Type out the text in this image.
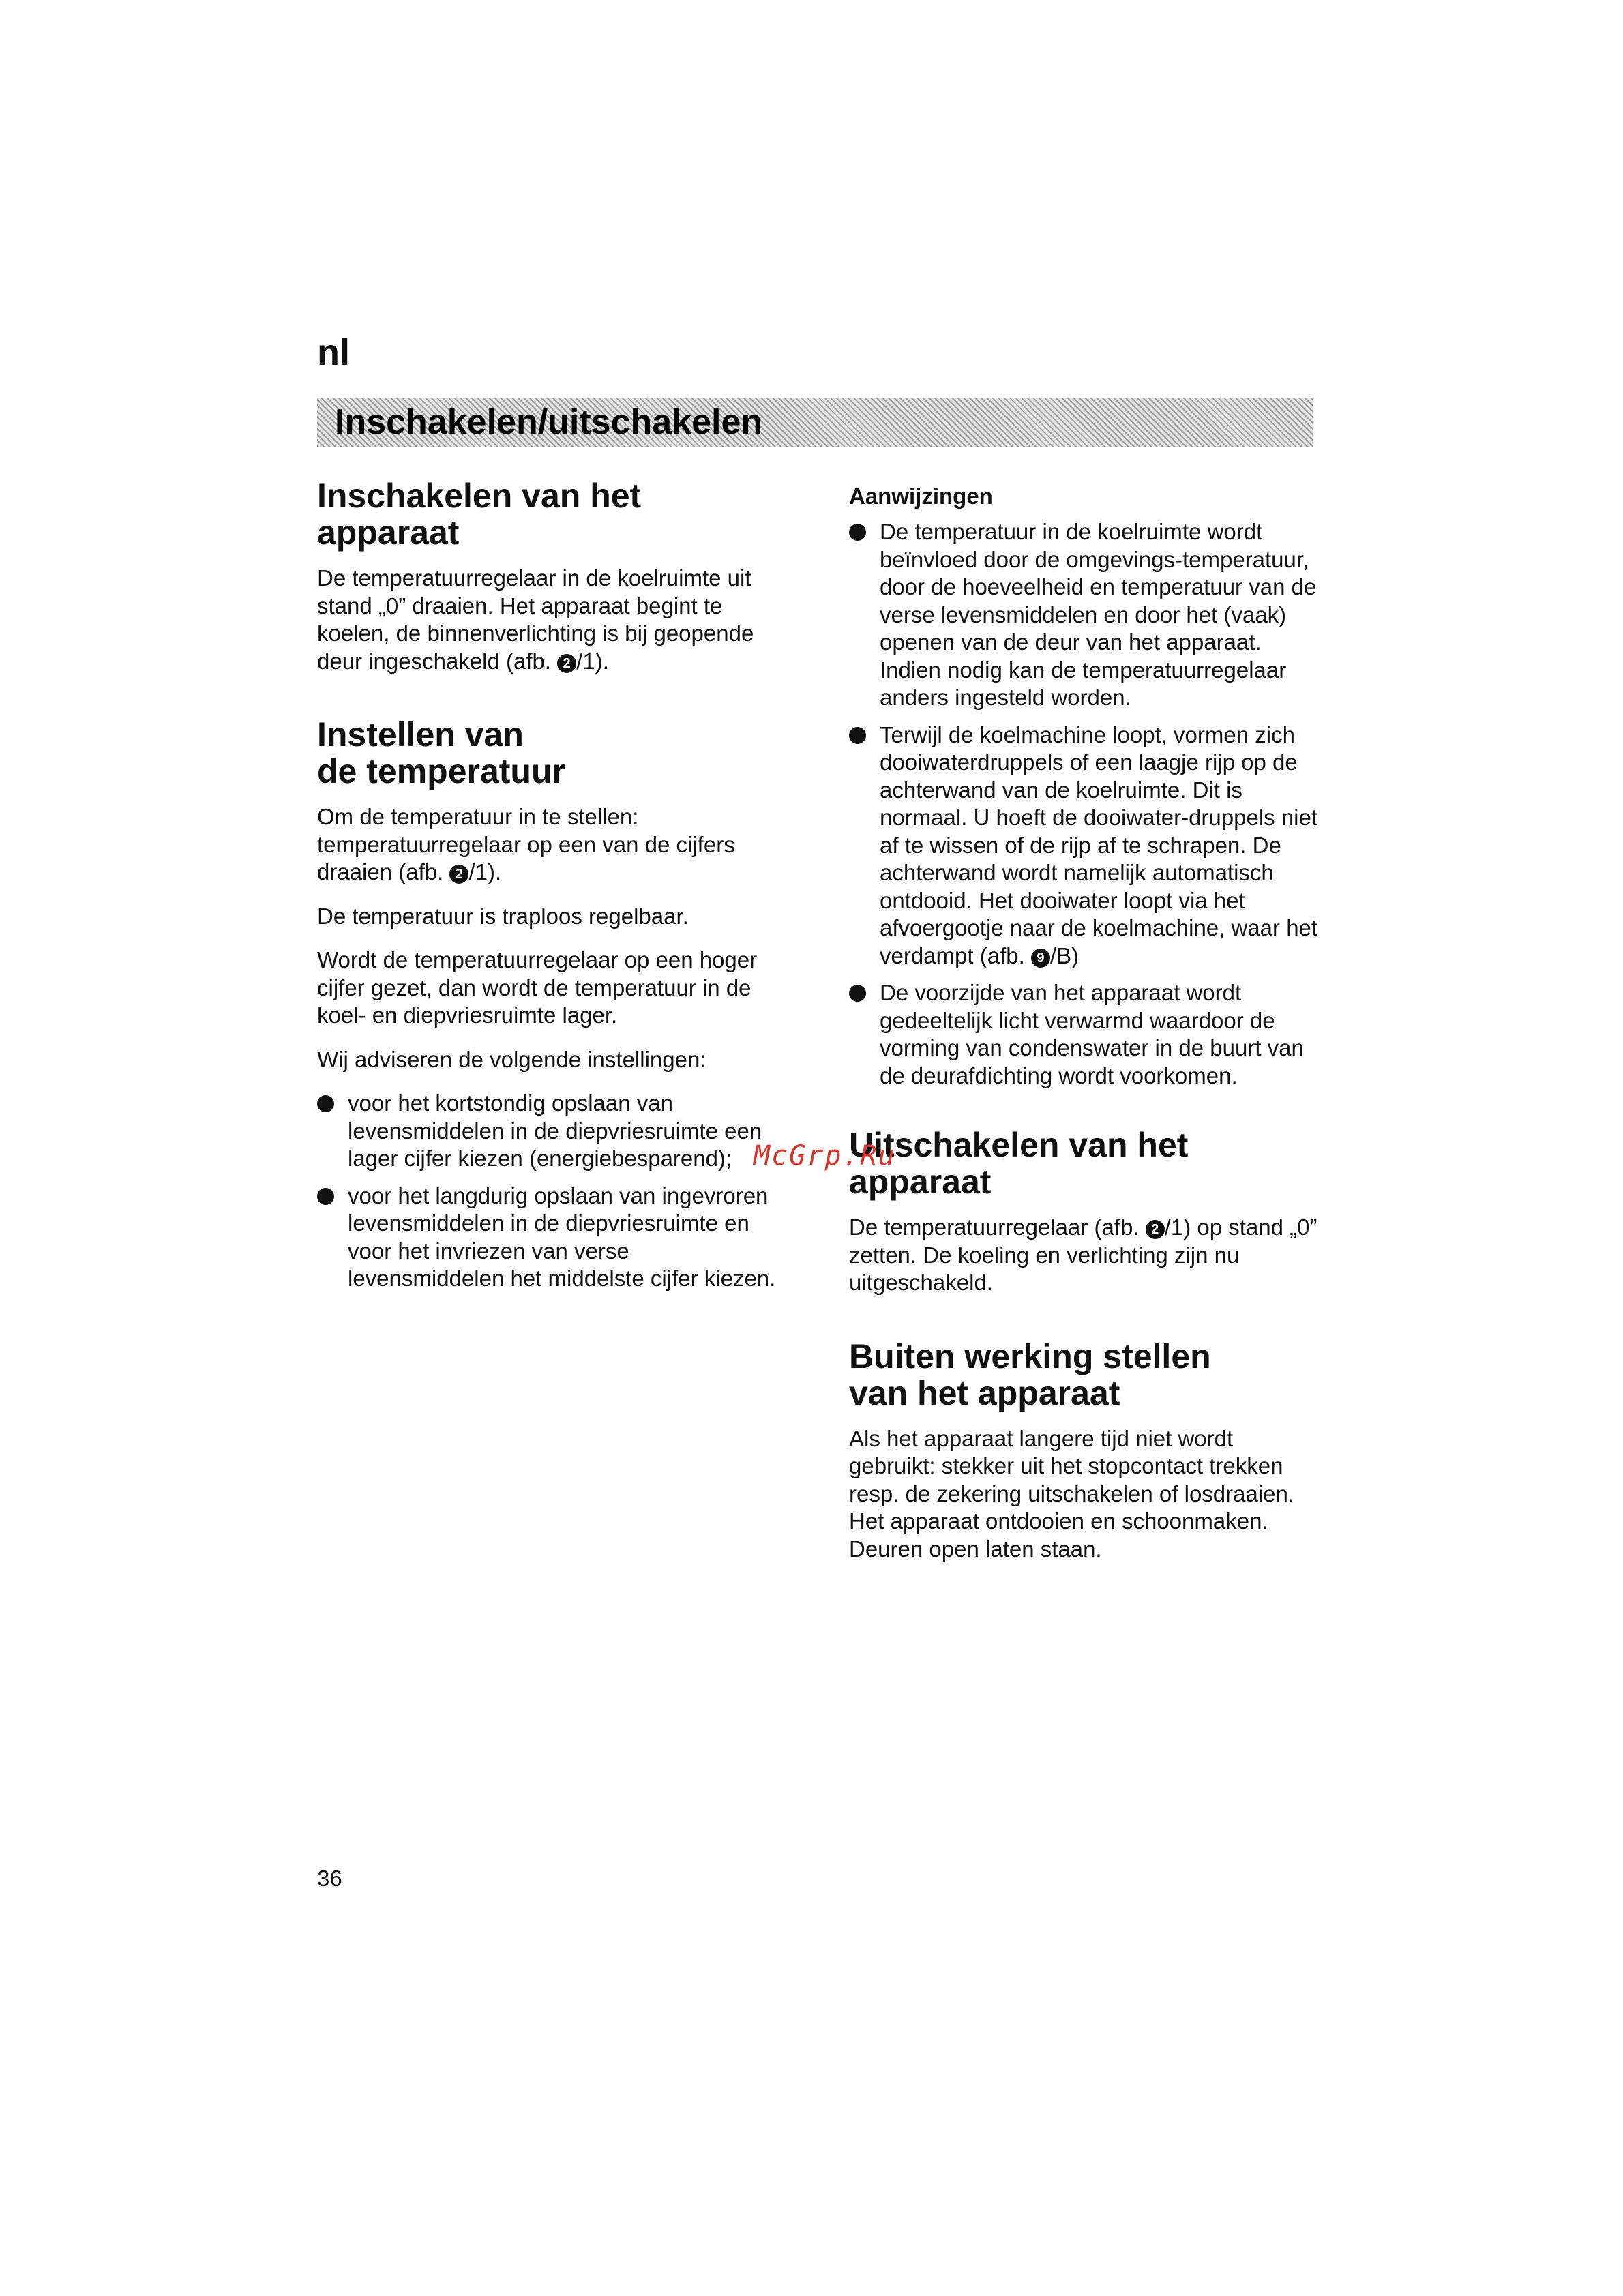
nl
Inschakelen/uitschakelen
Inschakelen van het
apparaat

De temperatuurregelaar in de koelruimte uit stand „0” draaien. Het apparaat begint te koelen, de binnenverlichting is bij geopende deur ingeschakeld (afb. 2 /1).

Instellen van
de temperatuur

Om de temperatuur in te stellen: temperatuurregelaar op een van de cijfers draaien (afb. 2 /1).

De temperatuur is traploos regelbaar.

Wordt de temperatuurregelaar op een hoger cijfer gezet, dan wordt de temperatuur in de koel- en diepvriesruimte lager.

Wij adviseren de volgende instellingen:

voor het kortstondig opslaan van levensmiddelen in de diepvriesruimte een lager cijfer kiezen (energiebesparend);
voor het langdurig opslaan van ingevroren levensmiddelen in de diepvriesruimte en voor het invriezen van verse levensmiddelen het middelste cijfer kiezen.
Aanwijzingen
De temperatuur in de koelruimte wordt beïnvloed door de omgevings-temperatuur, door de hoeveelheid en temperatuur van de verse levensmiddelen en door het (vaak) openen van de deur van het apparaat. Indien nodig kan de temperatuurregelaar anders ingesteld worden.
Terwijl de koelmachine loopt, vormen zich dooiwaterdruppels of een laagje rijp op de achterwand van de koelruimte. Dit is normaal. U hoeft de dooiwater-druppels niet af te wissen of de rijp af te schrapen. De achterwand wordt namelijk automatisch ontdooid. Het dooiwater loopt via het afvoergootje naar de koelmachine, waar het verdampt (afb. 9 /B)
De voorzijde van het apparaat wordt gedeeltelijk licht verwarmd waardoor de vorming van condenswater in de buurt van de deurafdichting wordt voorkomen.
Uitschakelen van het
apparaat

De temperatuurregelaar (afb. 2 /1) op stand „0” zetten. De koeling en verlichting zijn nu uitgeschakeld.

Buiten werking stellen
van het apparaat

Als het apparaat langere tijd niet wordt gebruikt: stekker uit het stopcontact trekken resp. de zekering uitschakelen of losdraaien. Het apparaat ontdooien en schoonmaken. Deuren open laten staan.

McGrp.Ru
36
